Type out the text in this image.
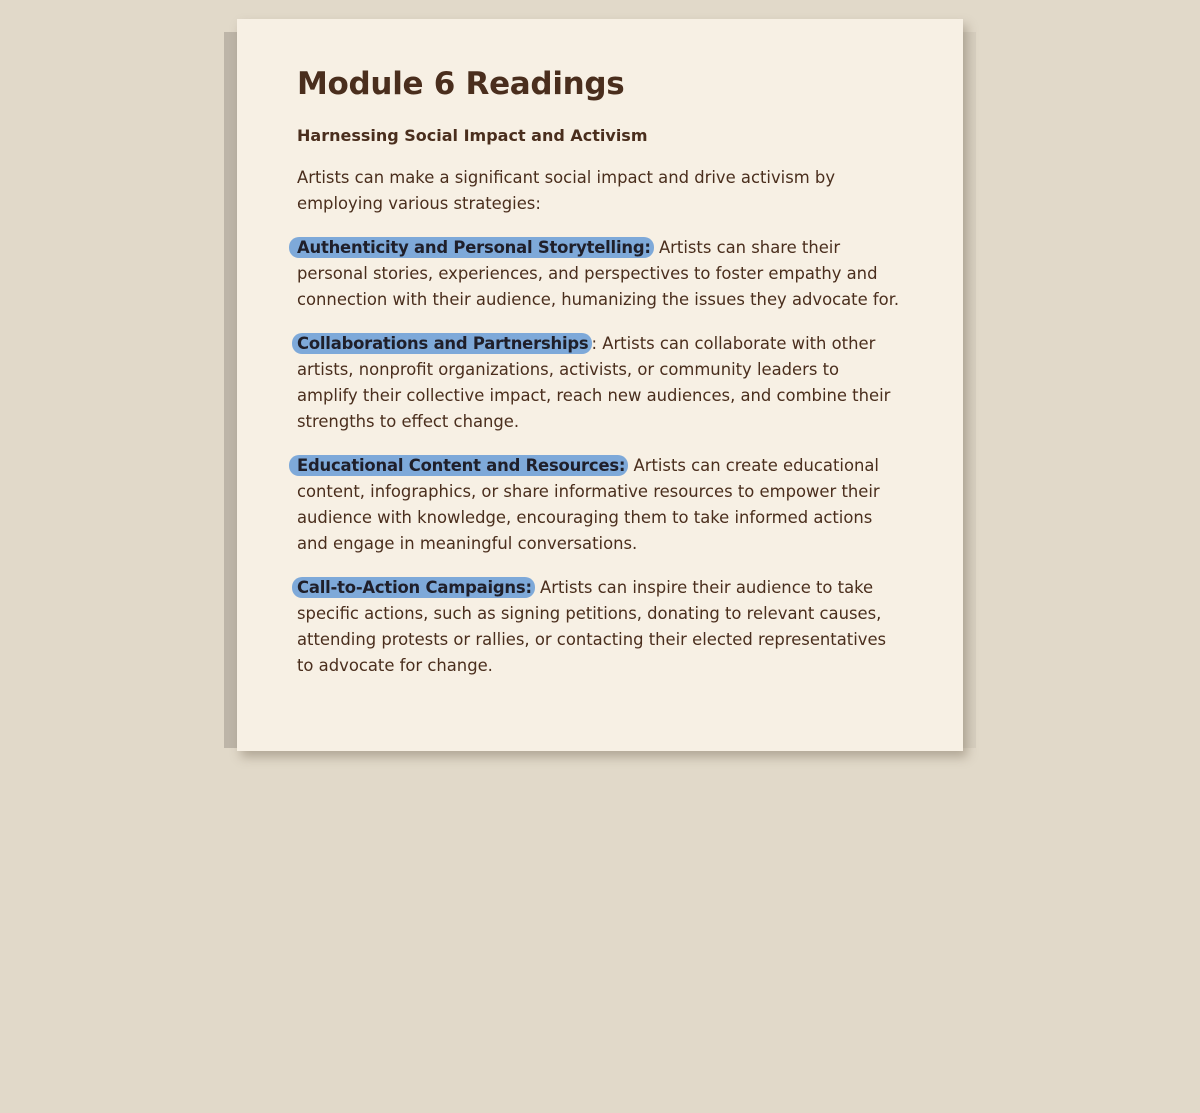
Module 6 Readings
Harnessing Social Impact and Activism

Artists can make a significant social impact and drive activism by employing various strategies:

Authenticity and Personal Storytelling: Artists can share their personal stories, experiences, and perspectives to foster empathy and connection with their audience, humanizing the issues they advocate for.

Collaborations and Partnerships : Artists can collaborate with other artists, nonprofit organizations, activists, or community leaders to amplify their collective impact, reach new audiences, and combine their strengths to effect change.

Educational Content and Resources: Artists can create educational content, infographics, or share informative resources to empower their audience with knowledge, encouraging them to take informed actions and engage in meaningful conversations.

Call-to-Action Campaigns: Artists can inspire their audience to take specific actions, such as signing petitions, donating to relevant causes, attending protests or rallies, or contacting their elected representatives to advocate for change.
